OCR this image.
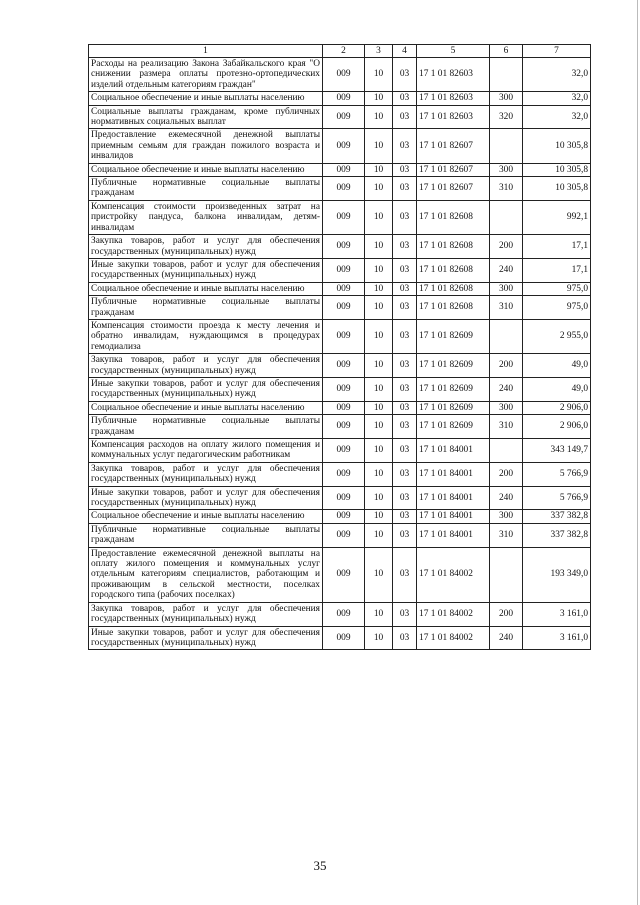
1	2	3	4	5	6	7
Расходы на реализацию Закона Забайкальского края "О снижении размера оплаты протезно-ортопедических изделий отдельным категориям граждан"	009	10	03	17 1 01 82603		32,0
Социальное обеспечение и иные выплаты населению	009	10	03	17 1 01 82603	300	32,0
Социальные выплаты гражданам, кроме публичных нормативных социальных выплат	009	10	03	17 1 01 82603	320	32,0
Предоставление ежемесячной денежной выплаты приемным семьям для граждан пожилого возраста и инвалидов	009	10	03	17 1 01 82607		10 305,8
Социальное обеспечение и иные выплаты населению	009	10	03	17 1 01 82607	300	10 305,8
Публичные нормативные социальные выплаты гражданам	009	10	03	17 1 01 82607	310	10 305,8
Компенсация стоимости произведенных затрат на пристройку пандуса, балкона инвалидам, детям-инвалидам	009	10	03	17 1 01 82608		992,1
Закупка товаров, работ и услуг для обеспечения государственных (муниципальных) нужд	009	10	03	17 1 01 82608	200	17,1
Иные закупки товаров, работ и услуг для обеспечения государственных (муниципальных) нужд	009	10	03	17 1 01 82608	240	17,1
Социальное обеспечение и иные выплаты населению	009	10	03	17 1 01 82608	300	975,0
Публичные нормативные социальные выплаты гражданам	009	10	03	17 1 01 82608	310	975,0
Компенсация стоимости проезда к месту лечения и обратно инвалидам, нуждающимся в процедурах гемодиализа	009	10	03	17 1 01 82609		2 955,0
Закупка товаров, работ и услуг для обеспечения государственных (муниципальных) нужд	009	10	03	17 1 01 82609	200	49,0
Иные закупки товаров, работ и услуг для обеспечения государственных (муниципальных) нужд	009	10	03	17 1 01 82609	240	49,0
Социальное обеспечение и иные выплаты населению	009	10	03	17 1 01 82609	300	2 906,0
Публичные нормативные социальные выплаты гражданам	009	10	03	17 1 01 82609	310	2 906,0
Компенсация расходов на оплату жилого помещения и коммунальных услуг педагогическим работникам	009	10	03	17 1 01 84001		343 149,7
Закупка товаров, работ и услуг для обеспечения государственных (муниципальных) нужд	009	10	03	17 1 01 84001	200	5 766,9
Иные закупки товаров, работ и услуг для обеспечения государственных (муниципальных) нужд	009	10	03	17 1 01 84001	240	5 766,9
Социальное обеспечение и иные выплаты населению	009	10	03	17 1 01 84001	300	337 382,8
Публичные нормативные социальные выплаты гражданам	009	10	03	17 1 01 84001	310	337 382,8
Предоставление ежемесячной денежной выплаты на оплату жилого помещения и коммунальных услуг отдельным категориям специалистов, работающим и проживающим в сельской местности, поселках городского типа (рабочих поселках)	009	10	03	17 1 01 84002		193 349,0
Закупка товаров, работ и услуг для обеспечения государственных (муниципальных) нужд	009	10	03	17 1 01 84002	200	3 161,0
Иные закупки товаров, работ и услуг для обеспечения государственных (муниципальных) нужд	009	10	03	17 1 01 84002	240	3 161,0
35
